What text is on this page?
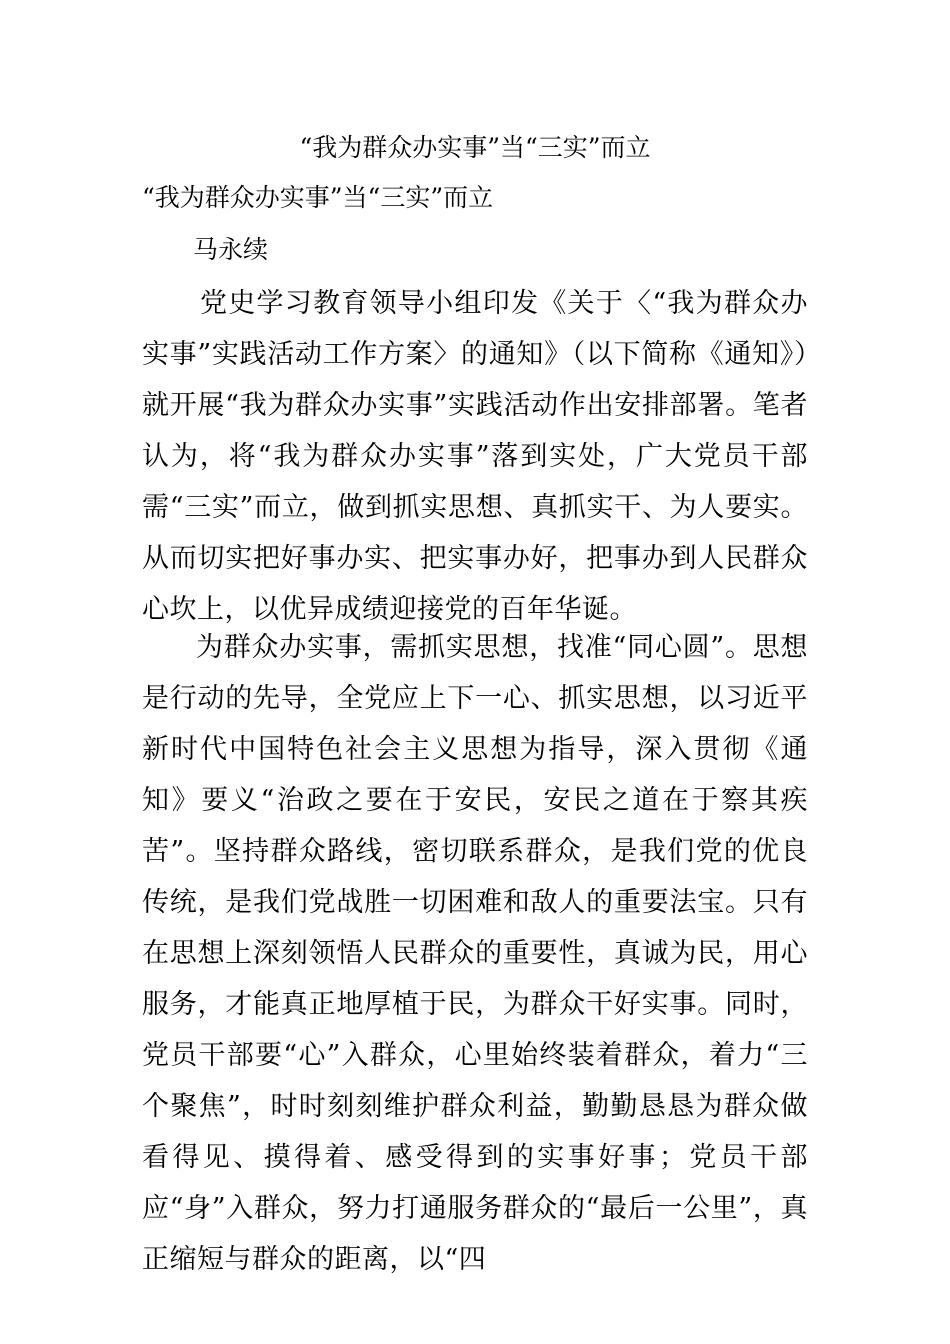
“我为群众办实事”当“三实”而立
“我为群众办实事”当“三实”而立

马永续

党史学习教育领导小组印发《关于〈“我为群众办实事”实践活动工作方案〉的通知》（以下简称《通知》）就开展“我为群众办实事”实践活动作出安排部署。笔者认为，将“我为群众办实事”落到实处，广大党员干部需“三实”而立，做到抓实思想、真抓实干、为人要实。从而切实把好事办实、把实事办好，把事办到人民群众心坎上，以优异成绩迎接党的百年华诞。

为群众办实事，需抓实思想，找准“同心圆”。思想是行动的先导，全党应上下一心、抓实思想，以习近平新时代中国特色社会主义思想为指导，深入贯彻《通知》要义“治政之要在于安民，安民之道在于察其疾苦”。坚持群众路线，密切联系群众，是我们党的优良传统，是我们党战胜一切困难和敌人的重要法宝。只有在思想上深刻领悟人民群众的重要性，真诚为民，用心服务，才能真正地厚植于民，为群众干好实事。同时，党员干部要“心”入群众，心里始终装着群众，着力“三个聚焦”，时时刻刻维护群众利益，勤勤恳恳为群众做看得见、摸得着、感受得到的实事好事；党员干部应“身”入群众，努力打通服务群众的“最后一公里”，真正缩短与群众的距离，以“四
